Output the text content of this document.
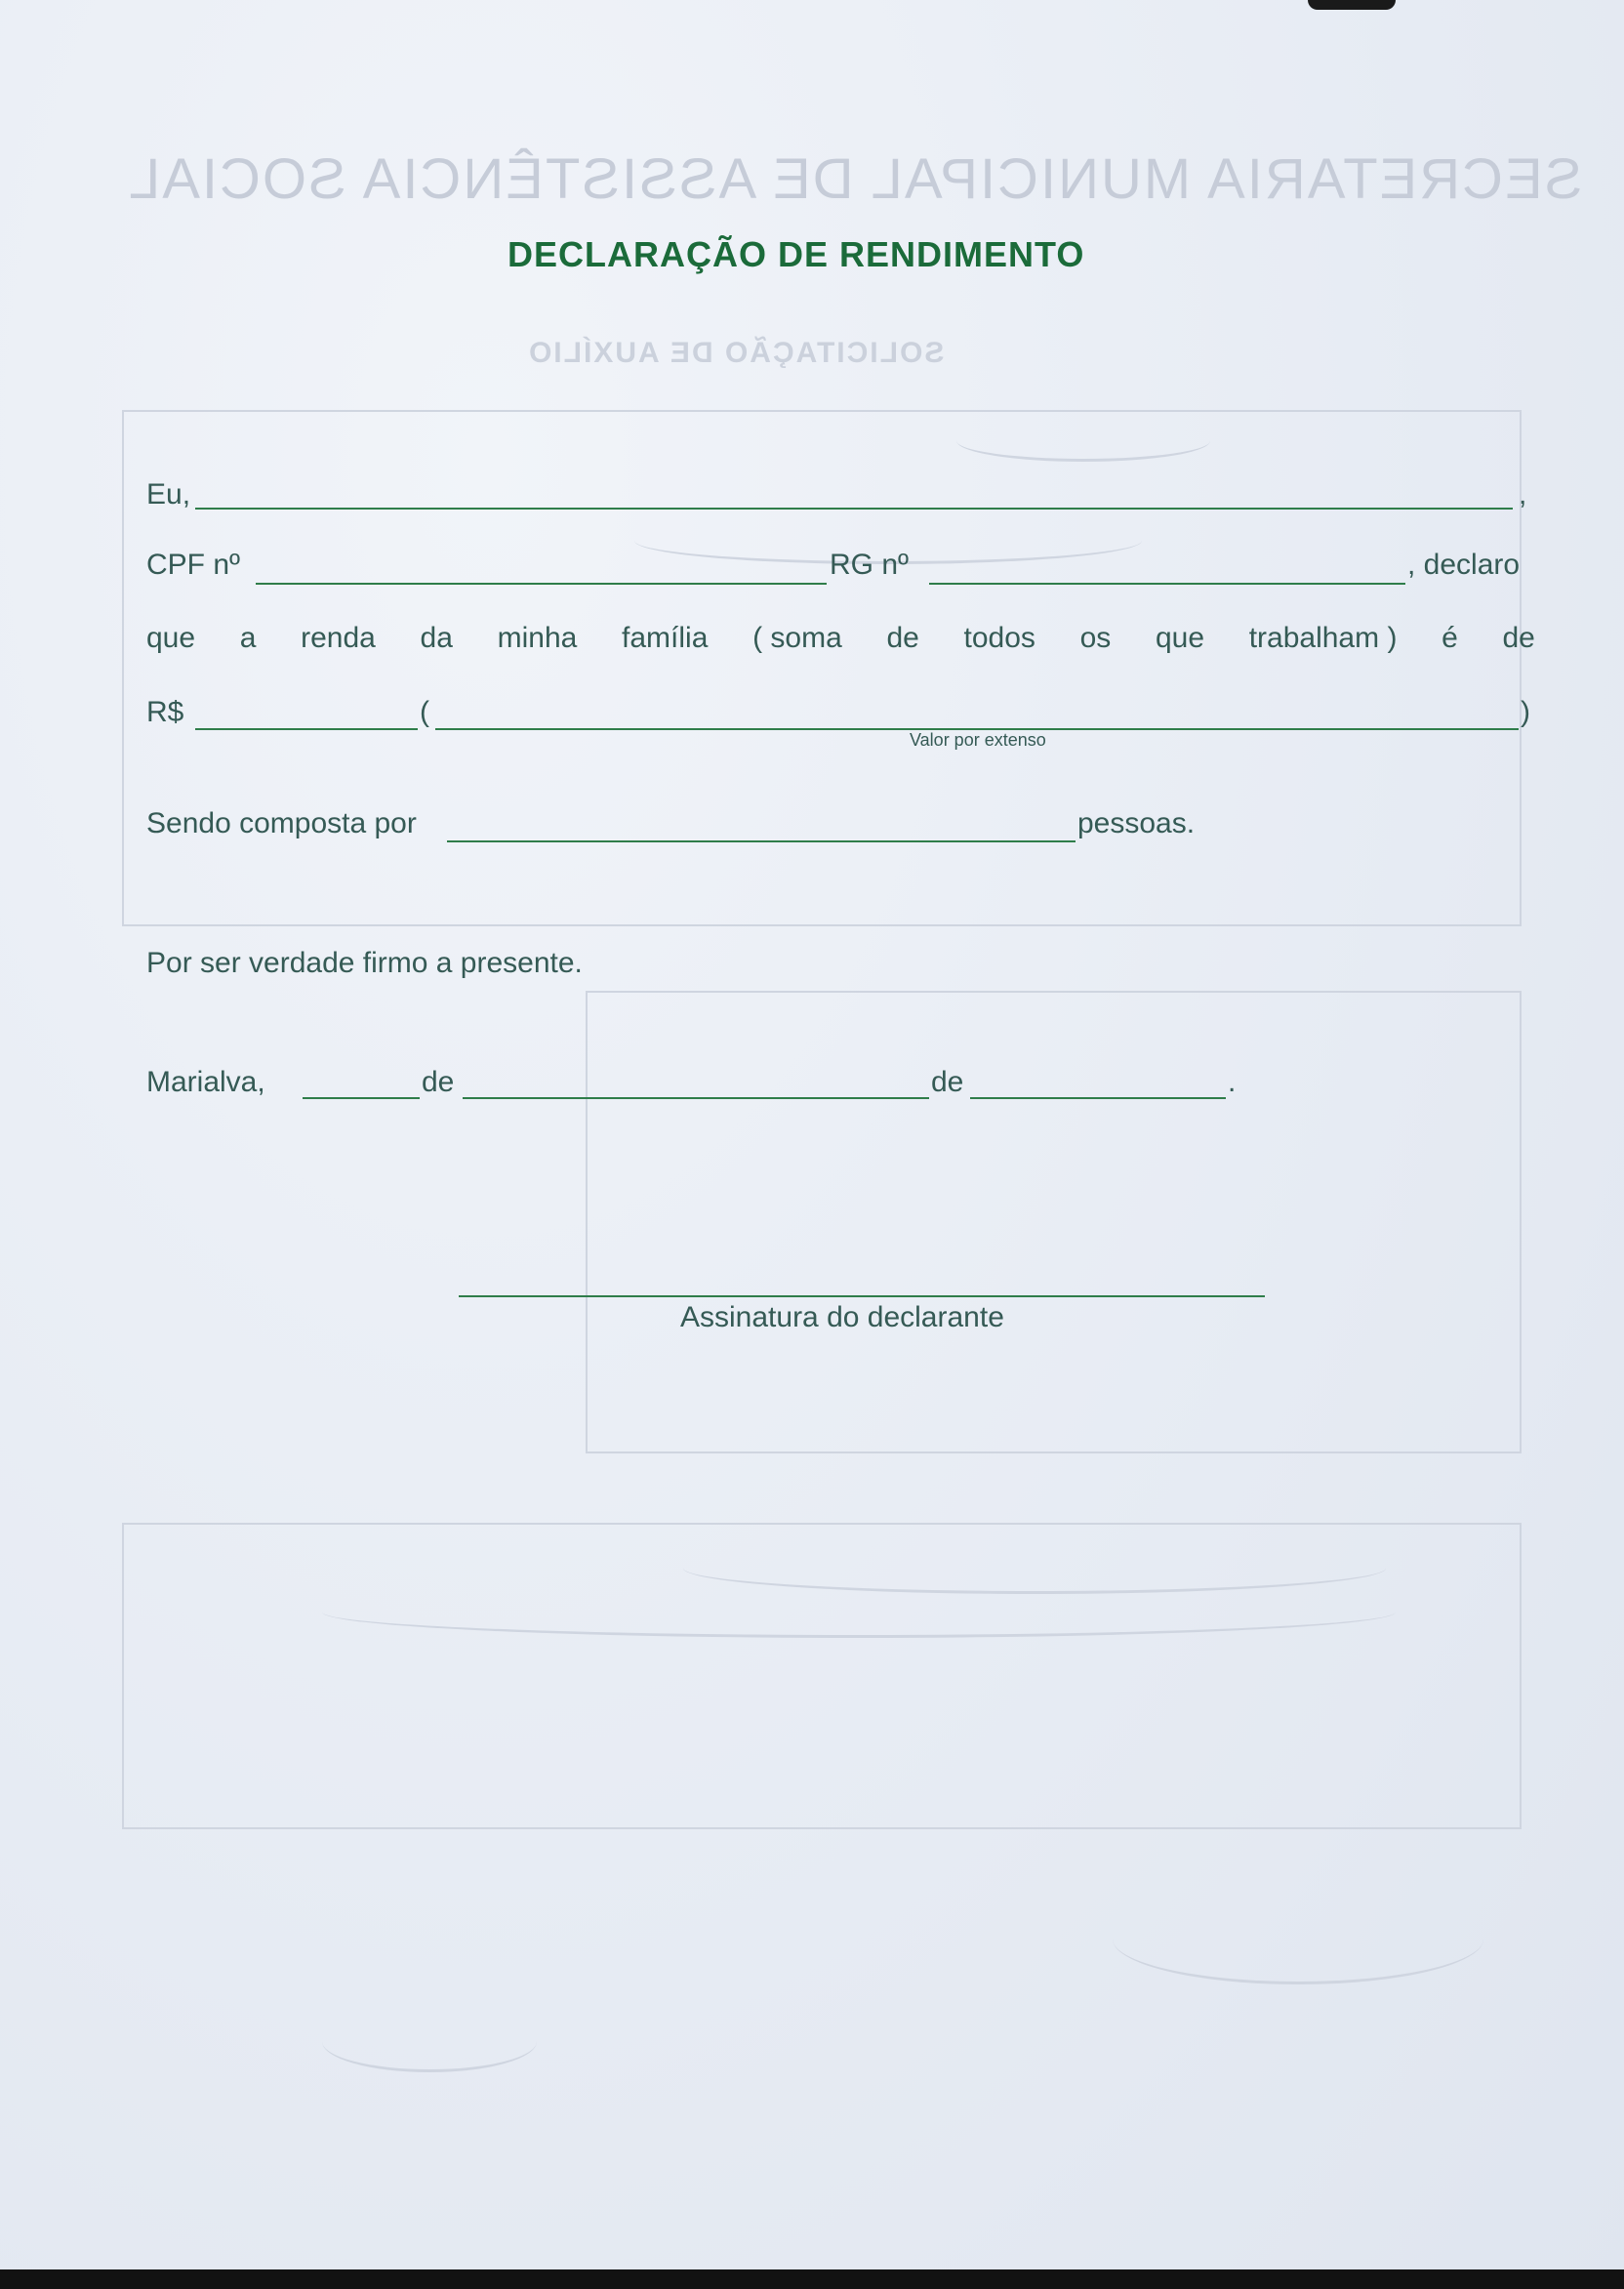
SECRETARIA MUNICIPAL DE ASSISTÊNCIA SOCIAL
SOLICITAÇÃO DE AUXÍLIO
DECLARAÇÃO DE RENDIMENTO
Eu,	,
CPF nº	RG nº	, declaro
que a renda da minha família ( soma de todos os que trabalham ) é de
R$	(	)
Valor por extenso
Sendo composta por	pessoas.
Por ser verdade firmo a presente.
Marialva,	de	de	.
Assinatura do declarante
